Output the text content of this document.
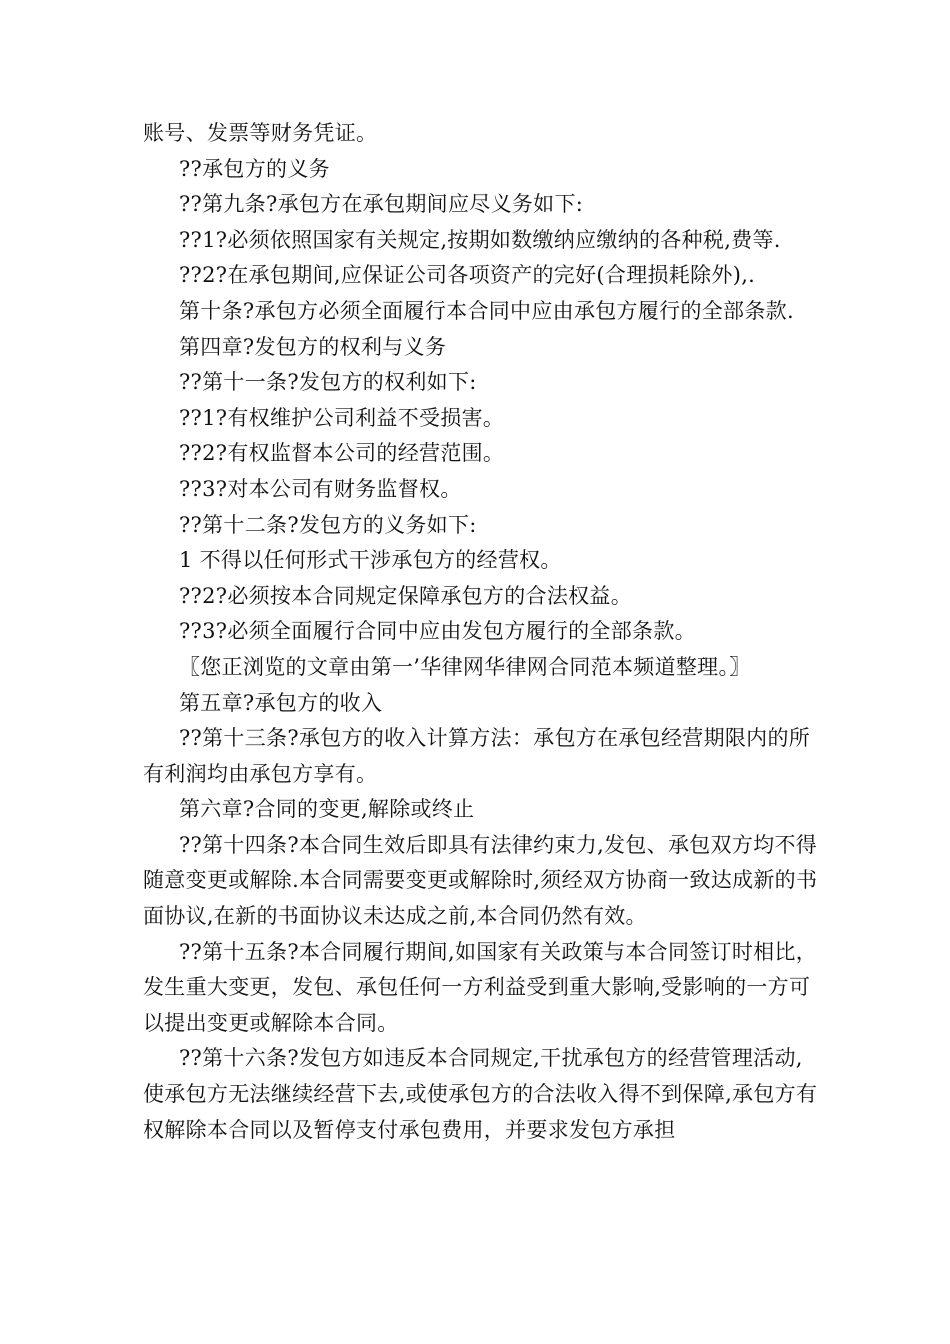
账号、发票等财务凭证。

??承包方的义务

??第九条?承包方在承包期间应尽义务如下:

??1?必须依照国家有关规定,按期如数缴纳应缴纳的各种税,费等.

??2?在承包期间,应保证公司各项资产的完好(合理损耗除外),.

第十条?承包方必须全面履行本合同中应由承包方履行的全部条款.

第四章?发包方的权利与义务

??第十一条?发包方的权利如下:

??1?有权维护公司利益不受损害。

??2?有权监督本公司的经营范围。

??3?对本公司有财务监督权。

??第十二条?发包方的义务如下:

1 不得以任何形式干涉承包方的经营权。

??2?必须按本合同规定保障承包方的合法权益。

??3?必须全面履行合同中应由发包方履行的全部条款。

〖您正浏览的文章由第一’华律网华律网合同范本频道整理。〗

第五章?承包方的收入

??第十三条?承包方的收入计算方法：承包方在承包经营期限内的所有利润均由承包方享有。

第六章?合同的变更,解除或终止

??第十四条?本合同生效后即具有法律约束力,发包、承包双方均不得随意变更或解除.本合同需要变更或解除时,须经双方协商一致达成新的书面协议,在新的书面协议未达成之前,本合同仍然有效。

??第十五条?本合同履行期间,如国家有关政策与本合同签订时相比，发生重大变更，发包、承包任何一方利益受到重大影响,受影响的一方可以提出变更或解除本合同。

??第十六条?发包方如违反本合同规定,干扰承包方的经营管理活动,使承包方无法继续经营下去,或使承包方的合法收入得不到保障,承包方有权解除本合同以及暂停支付承包费用，并要求发包方承担
